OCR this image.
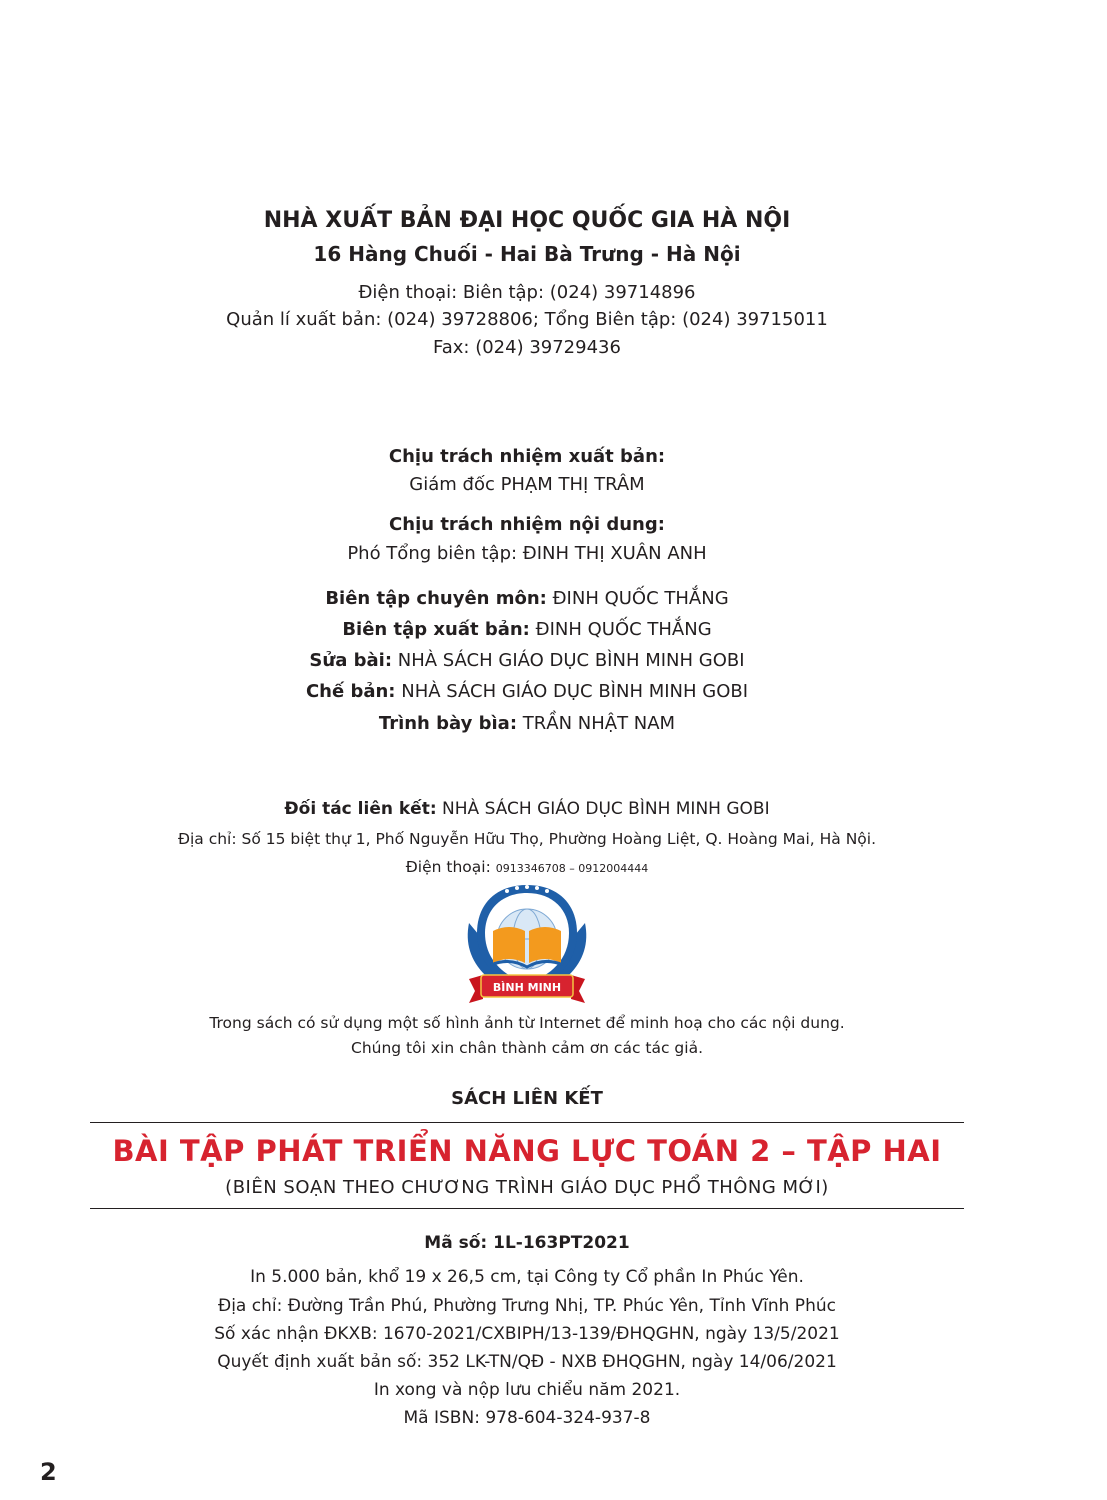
NHÀ XUẤT BẢN ĐẠI HỌC QUỐC GIA HÀ NỘI
16 Hàng Chuối - Hai Bà Trưng - Hà Nội
Điện thoại: Biên tập: (024) 39714896
Quản lí xuất bản: (024) 39728806; Tổng Biên tập: (024) 39715011
Fax: (024) 39729436
Chịu trách nhiệm xuất bản:
Giám đốc PHẠM THỊ TRÂM
Chịu trách nhiệm nội dung:
Phó Tổng biên tập: ĐINH THỊ XUÂN ANH
Biên tập chuyên môn: ĐINH QUỐC THẮNG
Biên tập xuất bản: ĐINH QUỐC THẮNG
Sửa bài: NHÀ SÁCH GIÁO DỤC BÌNH MINH GOBI
Chế bản: NHÀ SÁCH GIÁO DỤC BÌNH MINH GOBI
Trình bày bìa: TRẦN NHẬT NAM
Đối tác liên kết: NHÀ SÁCH GIÁO DỤC BÌNH MINH GOBI
Địa chỉ: Số 15 biệt thự 1, Phố Nguyễn Hữu Thọ, Phường Hoàng Liệt, Q. Hoàng Mai, Hà Nội.
Điện thoại: 0913346708 – 0912004444
BÌNH MINH
Trong sách có sử dụng một số hình ảnh từ Internet để minh hoạ cho các nội dung.
Chúng tôi xin chân thành cảm ơn các tác giả.
SÁCH LIÊN KẾT
BÀI TẬP PHÁT TRIỂN NĂNG LỰC TOÁN 2 – TẬP HAI
(BIÊN SOẠN THEO CHƯƠNG TRÌNH GIÁO DỤC PHỔ THÔNG MỚI)
Mã số: 1L-163PT2021
In 5.000 bản, khổ 19 x 26,5 cm, tại Công ty Cổ phần In Phúc Yên.
Địa chỉ: Đường Trần Phú, Phường Trưng Nhị, TP. Phúc Yên, Tỉnh Vĩnh Phúc
Số xác nhận ĐKXB: 1670-2021/CXBIPH/13-139/ĐHQGHN, ngày 13/5/2021
Quyết định xuất bản số: 352 LK-TN/QĐ - NXB ĐHQGHN, ngày 14/06/2021
In xong và nộp lưu chiểu năm 2021.
Mã ISBN: 978-604-324-937-8
2
